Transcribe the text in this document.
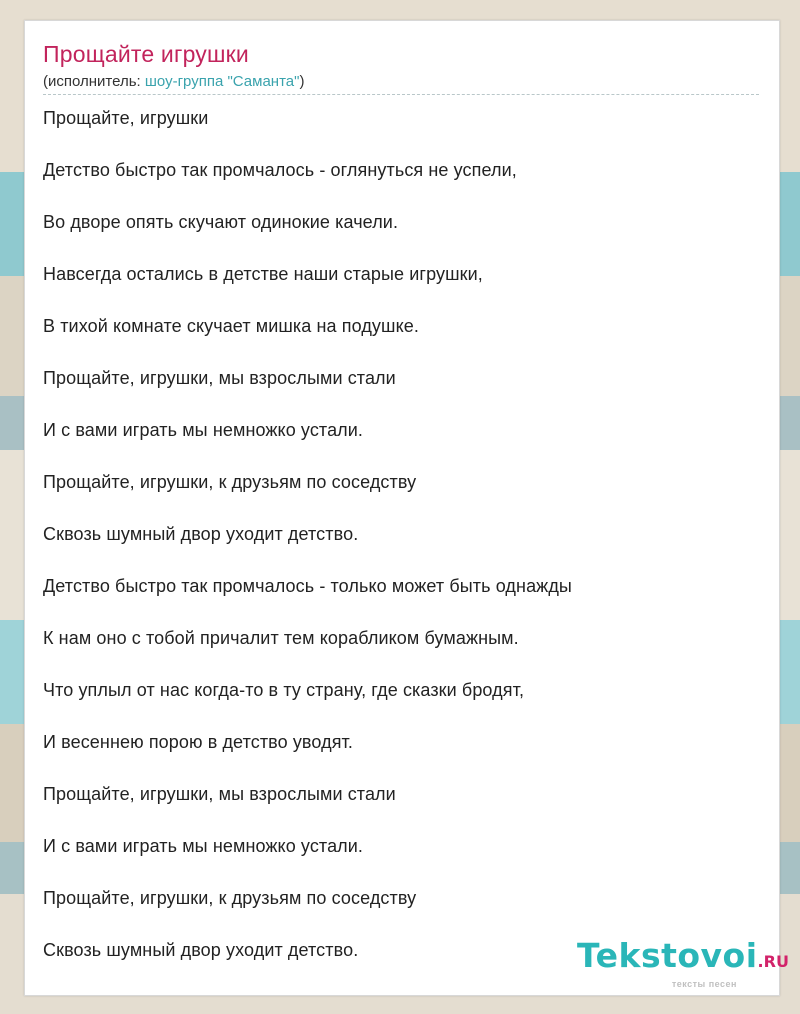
Прощайте игрушки
(исполнитель: шоу-группа "Саманта")
Прощайте, игрушки
Детство быстро так промчалось - оглянуться не успели,
Во дворе опять скучают одинокие качели.
Навсегда остались в детстве наши старые игрушки,
В тихой комнате скучает мишка на подушке.
Прощайте, игрушки, мы взрослыми стали
И с вами играть мы немножко устали.
Прощайте, игрушки, к друзьям по соседству
Сквозь шумный двор уходит детство.
Детство быстро так промчалось - только может быть однажды
К нам оно с тобой причалит тем корабликом бумажным.
Что уплыл от нас когда-то в ту страну, где сказки бродят,
И весеннею порою в детство уводят.
Прощайте, игрушки, мы взрослыми стали
И с вами играть мы немножко устали.
Прощайте, игрушки, к друзьям по соседству
Сквозь шумный двор уходит детство.	Tekstovoi.RU
тексты песен
